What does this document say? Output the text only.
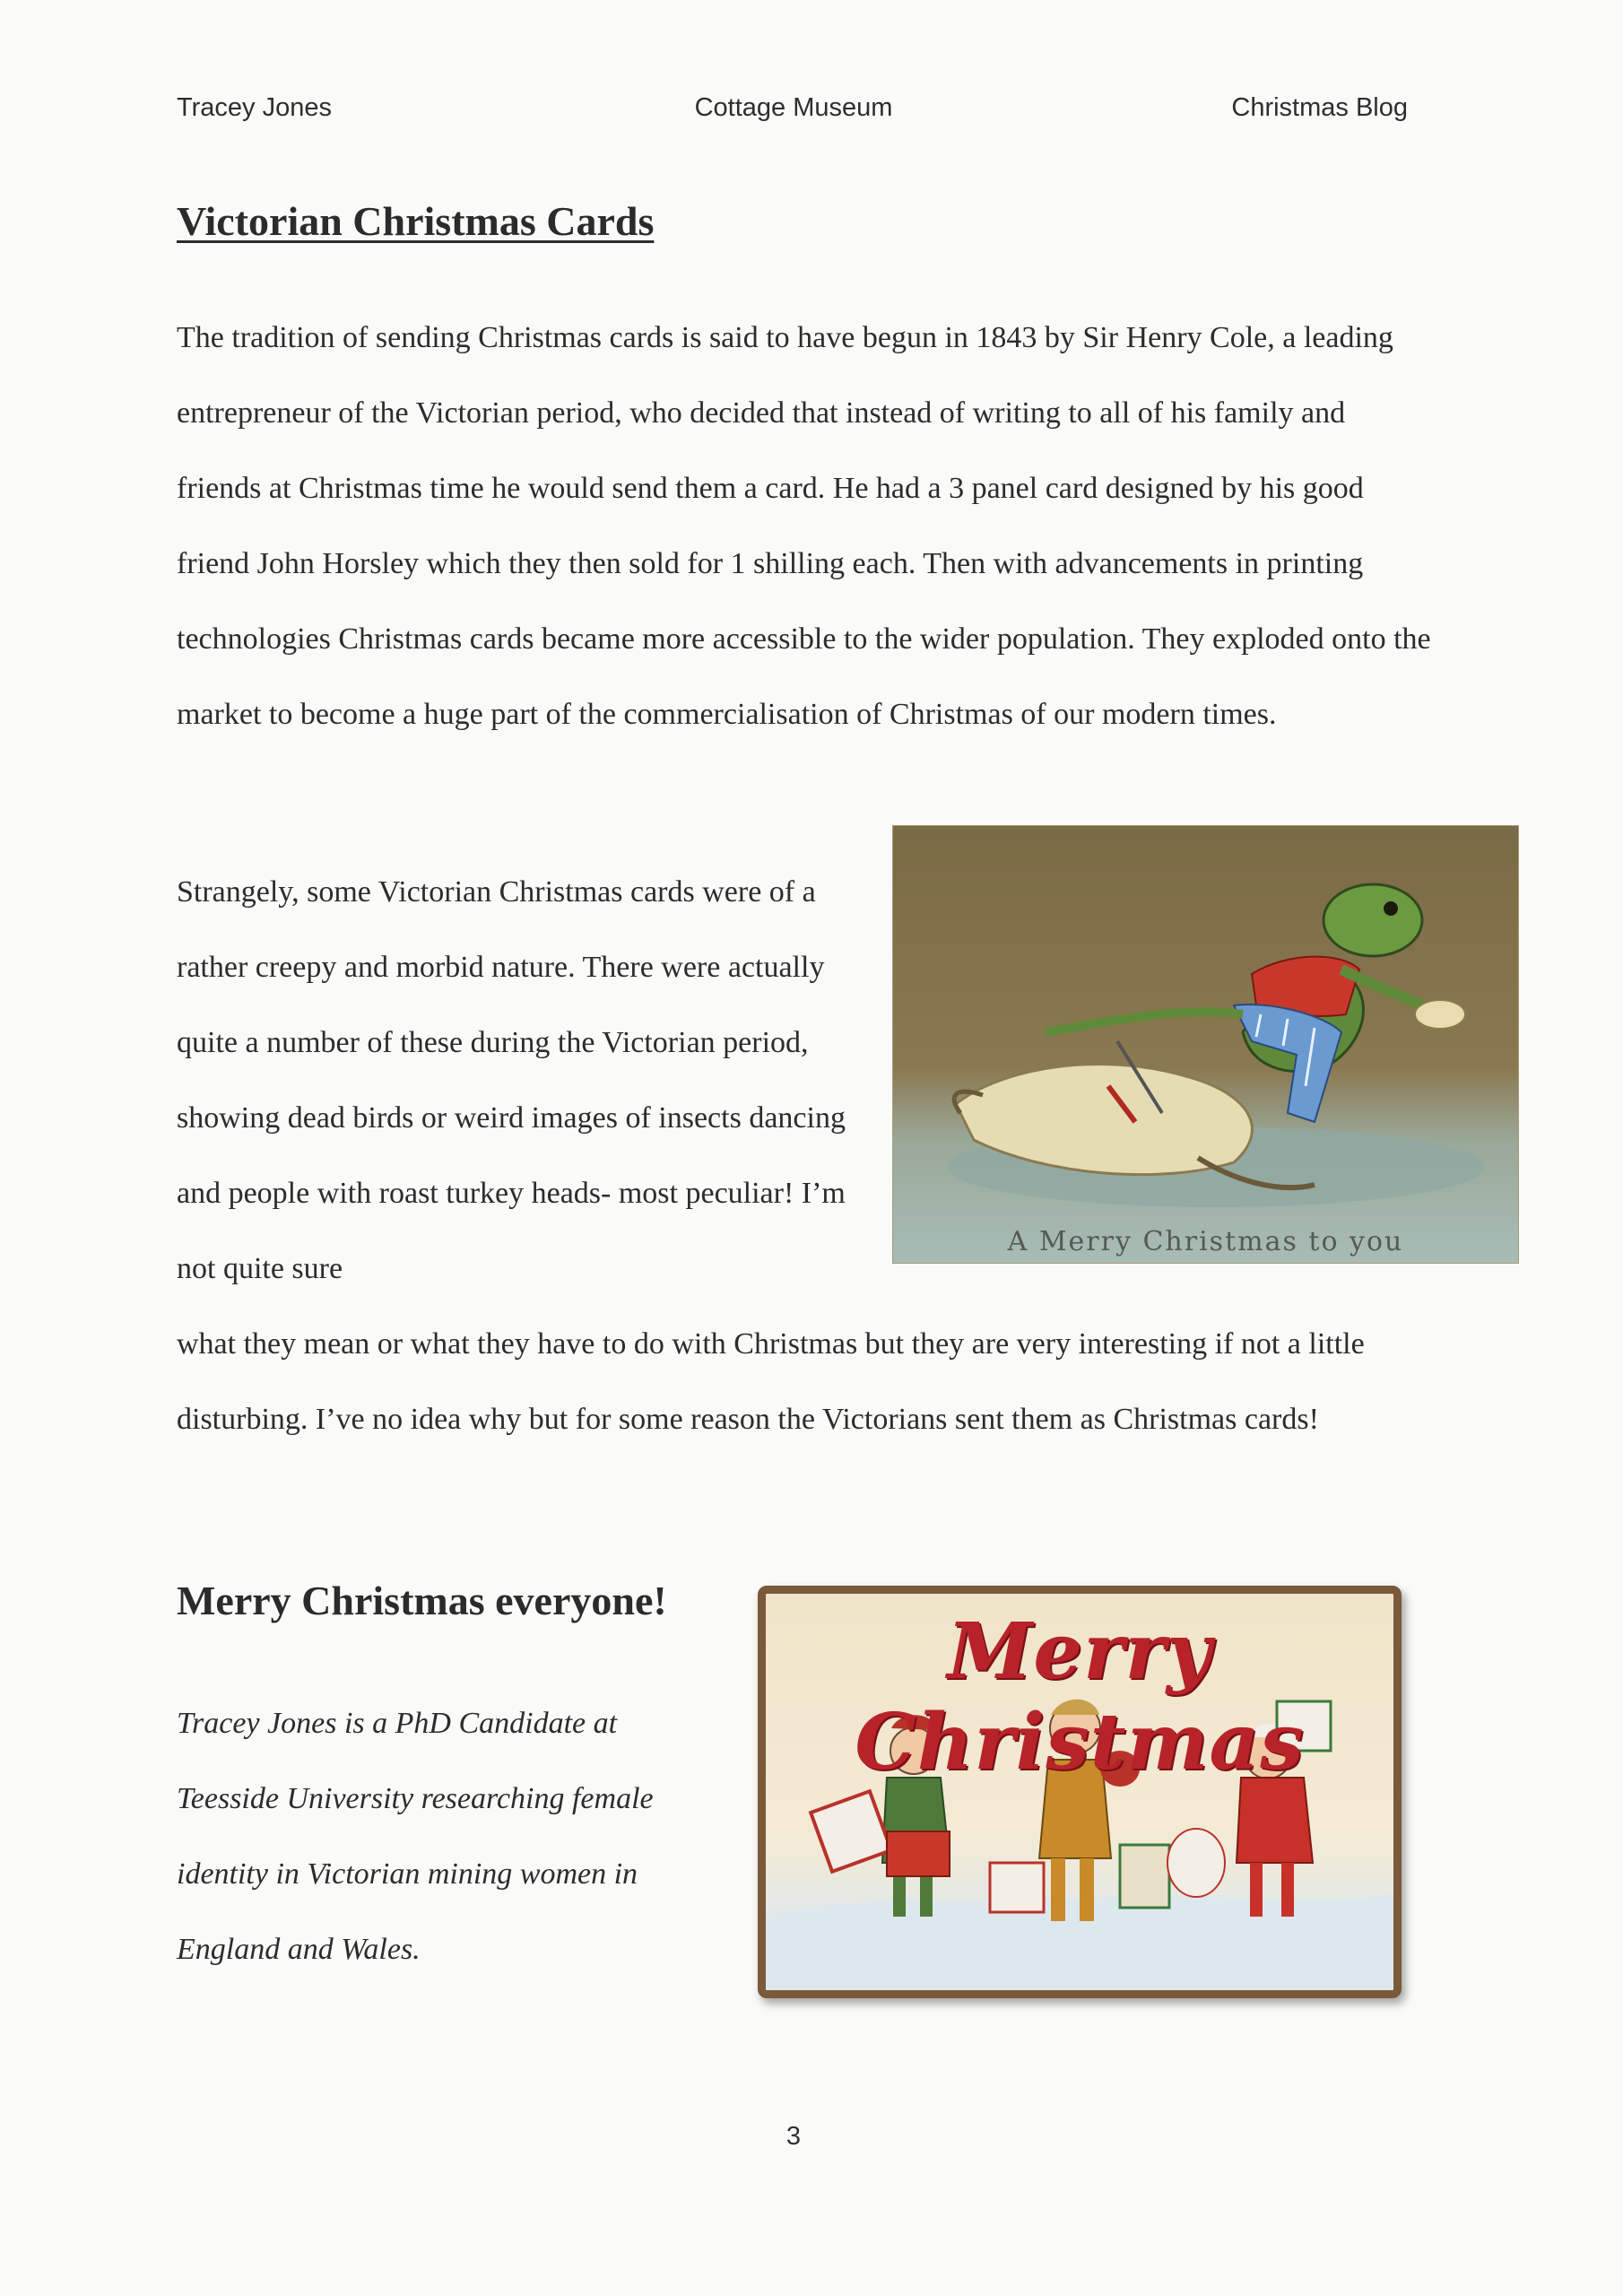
Tracey Jones	Cottage Museum	Christmas Blog
Victorian Christmas Cards

The tradition of sending Christmas cards is said to have begun in 1843 by Sir Henry Cole, a leading entrepreneur of the Victorian period, who decided that instead of writing to all of his family and friends at Christmas time he would send them a card. He had a 3 panel card designed by his good friend John Horsley which they then sold for 1 shilling each. Then with advancements in printing technologies Christmas cards became more accessible to the wider population. They exploded onto the market to become a huge part of the commercialisation of Christmas of our modern times.

Strangely, some Victorian Christmas cards were of a rather creepy and morbid nature. There were actually quite a number of these during the Victorian period, showing dead birds or weird images of insects dancing and people with roast turkey heads- most peculiar! I’m not quite sure

A Merry Christmas to you

what they mean or what they have to do with Christmas but they are very interesting if not a little disturbing. I’ve no idea why but for some reason the Victorians sent them as Christmas cards!

Merry Christmas everyone!

Tracey Jones is a PhD Candidate at Teesside University researching female identity in Victorian mining women in England and Wales.

Merry Christmas
3
